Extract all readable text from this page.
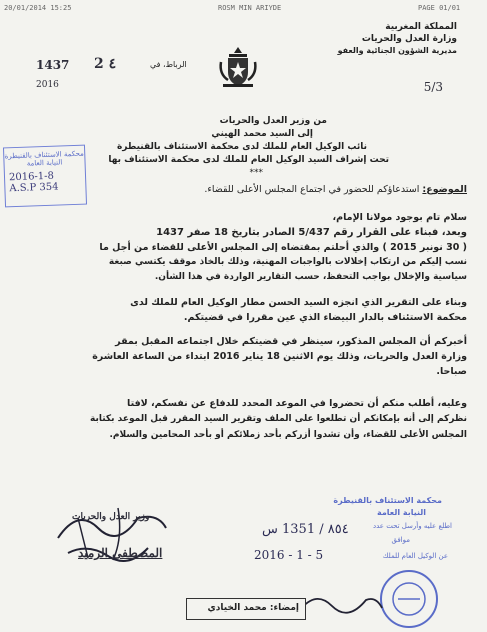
20/01/2014 15:25	ROSM MIN ARIYDE	PAGE 01/01
المملكة المغربية
وزارة العدل والحريات
مديرية الشؤون الجنائية والعفو
5/3
1437 2 ٤	الرباط، في
2016
من وزير العدل والحريات
إلى السيد محمد الهيني
نائب الوكيل العام للملك لدى محكمة الاستئناف بالقنيطرة
تحت إشراف السيد الوكيل العام للملك لدى محكمة الاستئناف بها
***
محكمة الاستئناف بالقنيطرة
النيابة العامة
2016-1-8
A.S.P 354	الموضوع: استدعاؤكم للحضور في اجتماع المجلس الأعلى للقضاء.
سلام تام بوجود مولانا الإمام،
وبعد، فبناء على القرار رقم 5/437 الصادر بتاريخ 18 صفر 1437
( 30 نونبر 2015 ) والذي أحلتم بمقتضاه إلى المجلس الأعلى للقضاء من أجل ما
نسب إليكم من ارتكاب إخلالات بالواجبات المهنية، وذلك بالخاذ موقف يكتسي صبغة
سياسية والإخلال بواجب التحفظ، حسب التقارير الواردة في هذا الشأن.
وبناء على التقرير الذي انجزه السيد الحسن مطار الوكيل العام للملك لدى
محكمة الاستئناف بالدار البيضاء الذي عين مقررا في قضيتكم.
أخبركم أن المجلس المذكور، سينظر في قضيتكم خلال اجتماعه المقبل بمقر
وزارة العدل والحريات، وذلك يوم الاثنين 18 يناير 2016 ابتداء من الساعة العاشرة
صباحا.
وعليه، أطلب منكم أن تحضروا في الموعد المحدد للدفاع عن نفسكم، لافتا
نظركم إلى أنه بإمكانكم أن تطلعوا على الملف وتقرير السيد المقرر قبل الموعد بكتابة
المجلس الأعلى للقضاء، وأن تشدوا أزركم بأحد زملائكم أو بأحد المحامين والسلام.
وزير العدل والحريات
المصطفى الرميد
محكمة الاستئناف بالقنيطرة
النيابة العامة
اطلع عليه وأرسل تحت عدد
موافق
عن الوكيل العام للملك
٨٥٤ / 1351 س
2016 - 1 - 5
إمضاء: محمد الخيادي
